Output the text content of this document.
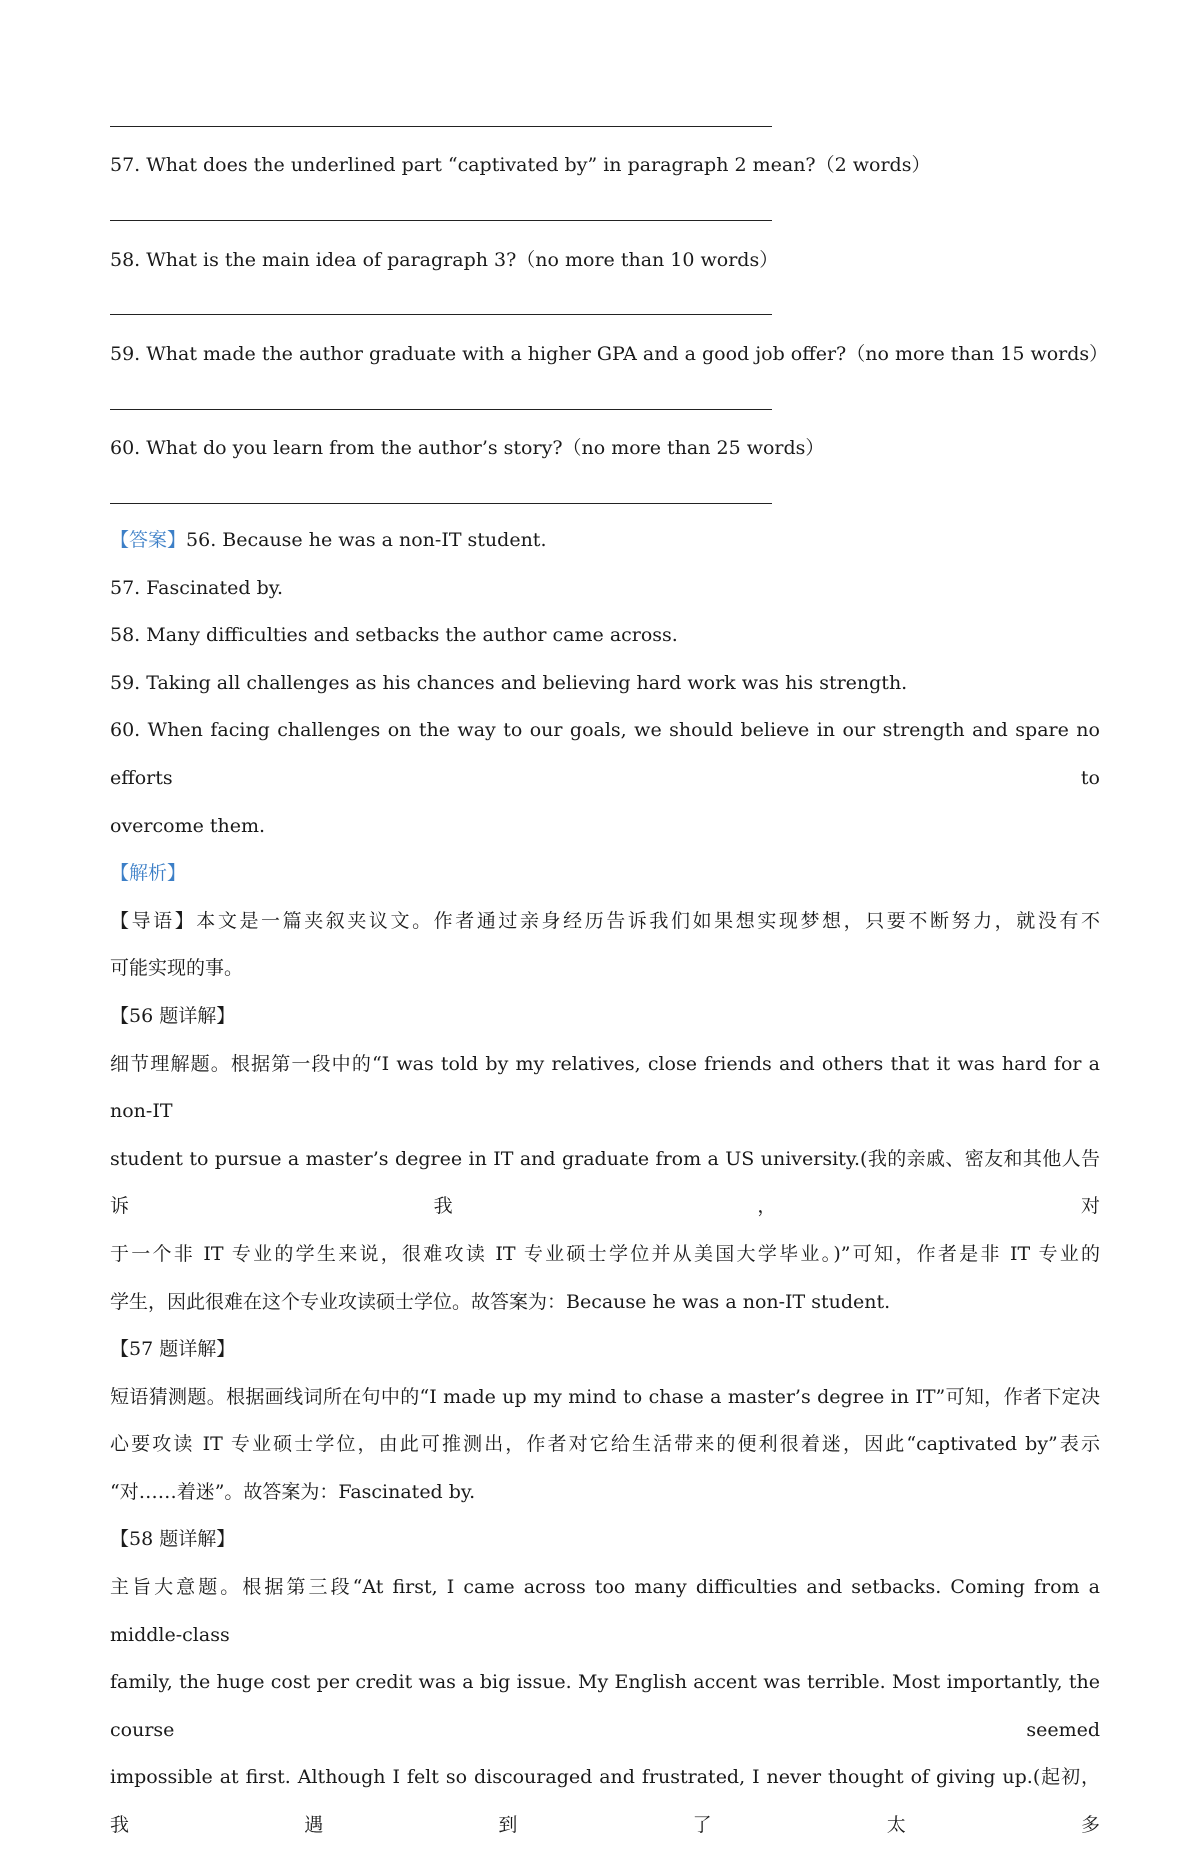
57. What does the underlined part “captivated by” in paragraph 2 mean?（2 words）
58. What is the main idea of paragraph 3?（no more than 10 words）
59. What made the author graduate with a higher GPA and a good job offer?（no more than 15 words）
60. What do you learn from the author’s story?（no more than 25 words）

【答案】56. Because he was a non-IT student.

57. Fascinated by.

58. Many difficulties and setbacks the author came across.

59. Taking all challenges as his chances and believing hard work was his strength.

60. When facing challenges on the way to our goals, we should believe in our strength and spare no efforts to

overcome them.

【解析】

【导语】本文是一篇夹叙夹议文。作者通过亲身经历告诉我们如果想实现梦想，只要不断努力，就没有不

可能实现的事。

【56 题详解】

细节理解题。根据第一段中的“I was told by my relatives, close friends and others that it was hard for a non-IT

student to pursue a master’s degree in IT and graduate from a US university.(我的亲戚、密友和其他人告诉我，对

于一个非 IT 专业的学生来说，很难攻读 IT 专业硕士学位并从美国大学毕业。)”可知，作者是非 IT 专业的

学生，因此很难在这个专业攻读硕士学位。故答案为：Because he was a non-IT student.

【57 题详解】

短语猜测题。根据画线词所在句中的“I made up my mind to chase a master’s degree in IT”可知，作者下定决

心要攻读 IT 专业硕士学位，由此可推测出，作者对它给生活带来的便利很着迷，因此“captivated by”表示

“对……着迷”。故答案为：Fascinated by.

【58 题详解】

主旨大意题。根据第三段“At first, I came across too many difficulties and setbacks. Coming from a middle-class

family, the huge cost per credit was a big issue. My English accent was terrible. Most importantly, the course seemed

impossible at first. Although I felt so discouraged and frustrated, I never thought of giving up.(起初，我遇到了太多
